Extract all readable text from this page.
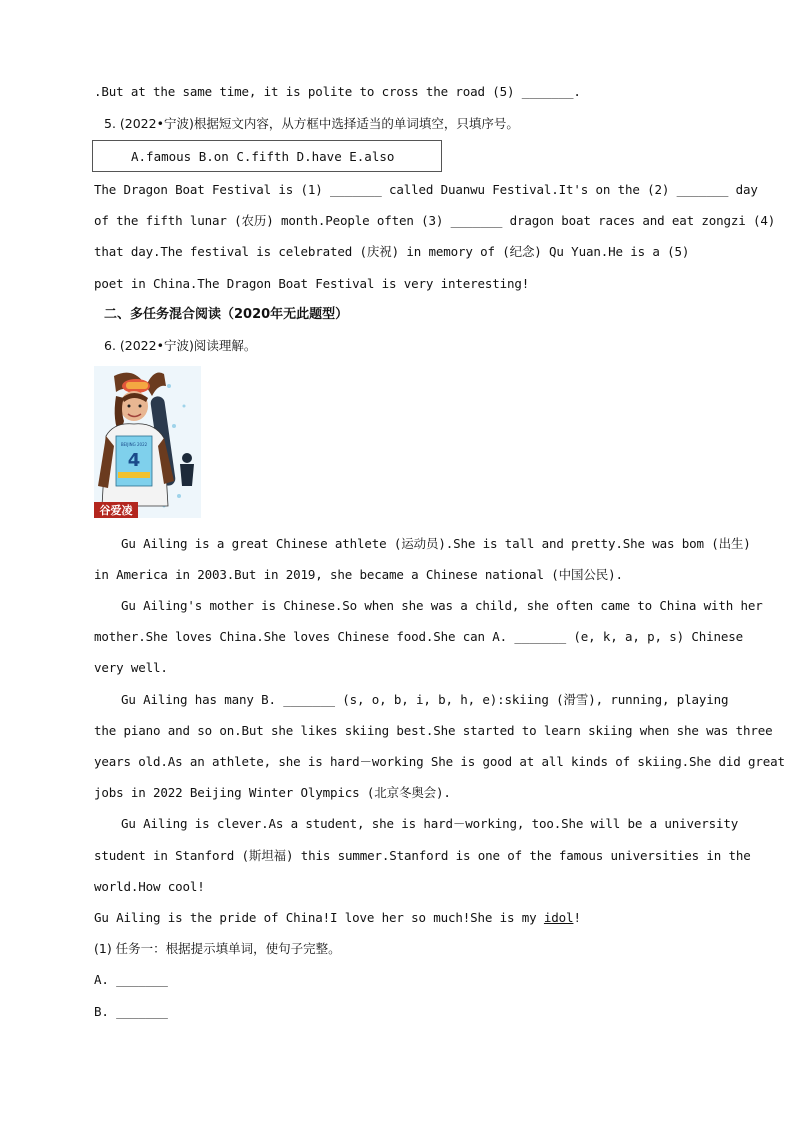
.But at the same time, it is polite to cross the road (5) _______.
5. (2022•宁波)根据短文内容，从方框中选择适当的单词填空，只填序号。
A.famous B.on C.fifth D.have E.also
The Dragon Boat Festival is (1) _______ called Duanwu Festival.It's on the (2) _______ day
of the fifth lunar (农历) month.People often (3) _______ dragon boat races and eat zongzi (4)
that day.The festival is celebrated (庆祝) in memory of (纪念) Qu Yuan.He is a (5)
poet in China.The Dragon Boat Festival is very interesting!
二、多任务混合阅读（2020年无此题型）
6. (2022•宁波)阅读理解。
4
BEIJING 2022
谷爱凌
Gu Ailing is a great Chinese athlete (运动员).She is tall and pretty.She was bom (出生)
in America in 2003.But in 2019, she became a Chinese national (中国公民).
Gu Ailing's mother is Chinese.So when she was a child, she often came to China with her
mother.She loves China.She loves Chinese food.She can A. _______ (e, k, a, p, s) Chinese
very well.
Gu Ailing has many B. _______ (s, o, b, i, b, h, e):skiing (滑雪), running, playing
the piano and so on.But she likes skiing best.She started to learn skiing when she was three
years old.As an athlete, she is hard－working She is good at all kinds of skiing.She did great
jobs in 2022 Beijing Winter Olympics (北京冬奥会).
Gu Ailing is clever.As a student, she is hard－working, too.She will be a university
student in Stanford (斯坦福) this summer.Stanford is one of the famous universities in the
world.How cool!
Gu Ailing is the pride of China!I love her so much!She is my idol!
(1) 任务一：根据提示填单词，使句子完整。
A. _______
B. _______
